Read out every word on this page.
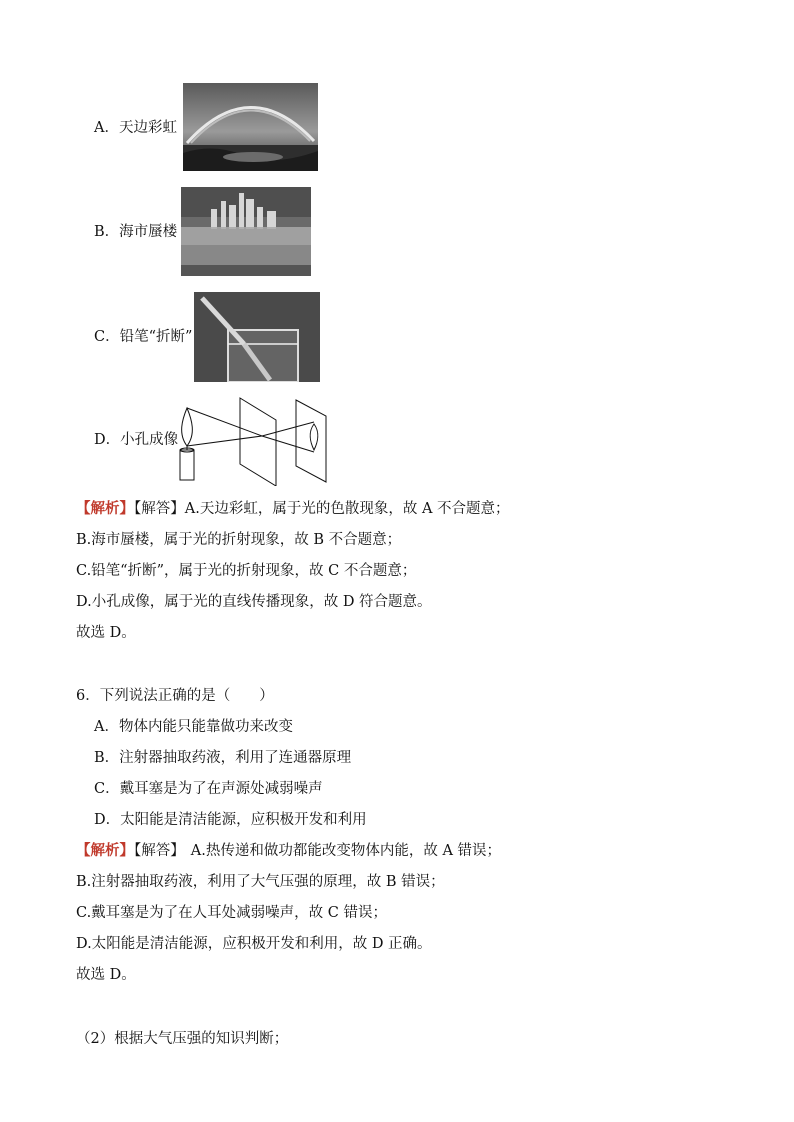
A．天边彩虹
B．海市蜃楼
C．铅笔“折断”
D．小孔成像
【解析】【解答】A.天边彩虹，属于光的色散现象，故 A 不合题意；
B.海市蜃楼，属于光的折射现象，故 B 不合题意；
C.铅笔“折断”，属于光的折射现象，故 C 不合题意；
D.小孔成像，属于光的直线传播现象，故 D 符合题意。
故选 D。
6．下列说法正确的是（　　）
A．物体内能只能靠做功来改变
B．注射器抽取药液，利用了连通器原理
C．戴耳塞是为了在声源处减弱噪声
D．太阳能是清洁能源，应积极开发和利用
【解析】【解答】 A.热传递和做功都能改变物体内能，故 A 错误；
B.注射器抽取药液，利用了大气压强的原理，故 B 错误；
C.戴耳塞是为了在人耳处减弱噪声，故 C 错误；
D.太阳能是清洁能源，应积极开发和利用，故 D 正确。
故选 D。
（2）根据大气压强的知识判断；
